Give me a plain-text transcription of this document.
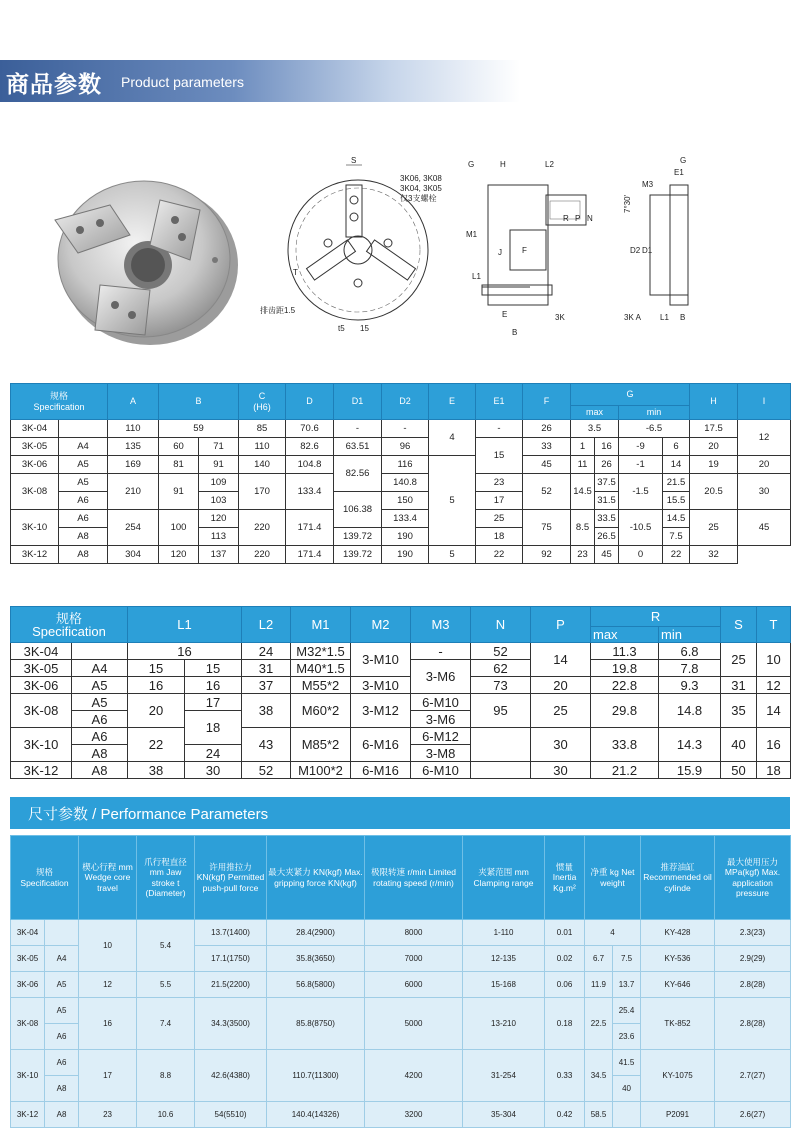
商品参数 Product parameters
S
T
t5 15
排齿距1.5
3K06, 3K08
3K04, 3K05
仅3支螺栓
G	H	L2
R P N
M1
J	F
L1
E
B
3K
G
E1
M3
7°30'
D2 D1
3K A L1 B
规格
Specification		A	B		C
(H6)	D	D1	D2	E	E1	F	G				H	I
												max		min			
3K-04		110	59		85	70.6	-	-	4	-	26	3.5		-6.5		17.5	12
3K-05	A4	135	60	71	110	82.6	63.51	96		15	33	1	16	-9	6	20	
3K-06	A5	169	81	91	140	104.8	82.56	116	5		45	11	26	-1	14	19	20
3K-08	A5	210	91	109	170	133.4		140.8		23	52	14.5	37.5	-1.5	21.5	20.5	30
	A6			103			106.38	150		17			31.5		15.5		
3K-10	A6	254	100	120	220	171.4		133.4		25	75	8.5	33.5	-10.5	14.5	25	45
	A8			113			139.72	190		18			26.5		7.5		
3K-12	A8	304	120	137	220	171.4	139.72	190	5	22	92	23	45	0	22	32	
规格
Specification		L1		L2	M1	M2	M3	N	P	R		S	T
										max	min		
3K-04		16		24	M32*1.5	3-M10	-	52	14	11.3	6.8	25	10
3K-05	A4	15	15	31	M40*1.5		3-M6	62		19.8	7.8		
3K-06	A5	16	16	37	M55*2	3-M10		73	20	22.8	9.3	31	12
3K-08	A5	20	17	38	M60*2	3-M12	6-M10	95	25	29.8	14.8	35	14
	A6		18				3-M6						
3K-10	A6	22		43	M85*2	6-M16	6-M12		30	33.8	14.3	40	16
	A8		24				3-M8						
3K-12	A8	38	30	52	M100*2	6-M16	6-M10		30	21.2	15.9	50	18
尺寸参数 / Performance Parameters
规格
Specification		楔心行程 mm Wedge core travel	爪行程直径 mm Jaw stroke t (Diameter)	许用推拉力 KN(kgf) Permitted push-pull force	最大夹紧力 KN(kgf) Max. gripping force KN(kgf)	极限转速 r/min Limited rotating speed (r/min)	夹紧范围 mm Clamping range	惯量 Inertia Kg.m²	净重 kg Net weight		推荐油缸 Recommended oil cylinde	最大使用压力 MPa(kgf) Max. application pressure
3K-04		10	5.4	13.7(1400)	28.4(2900)	8000	1-110	0.01	4		KY-428	2.3(23)
3K-05	A4			17.1(1750)	35.8(3650)	7000	12-135	0.02	6.7	7.5	KY-536	2.9(29)
3K-06	A5	12	5.5	21.5(2200)	56.8(5800)	6000	15-168	0.06	11.9	13.7	KY-646	2.8(28)
3K-08	A5	16	7.4	34.3(3500)	85.8(8750)	5000	13-210	0.18	22.5	25.4	TK-852	2.8(28)
	A6									23.6		
3K-10	A6	17	8.8	42.6(4380)	110.7(11300)	4200	31-254	0.33	34.5	41.5	KY-1075	2.7(27)
	A8									40		
3K-12	A8	23	10.6	54(5510)	140.4(14326)	3200	35-304	0.42	58.5		P2091	2.6(27)
